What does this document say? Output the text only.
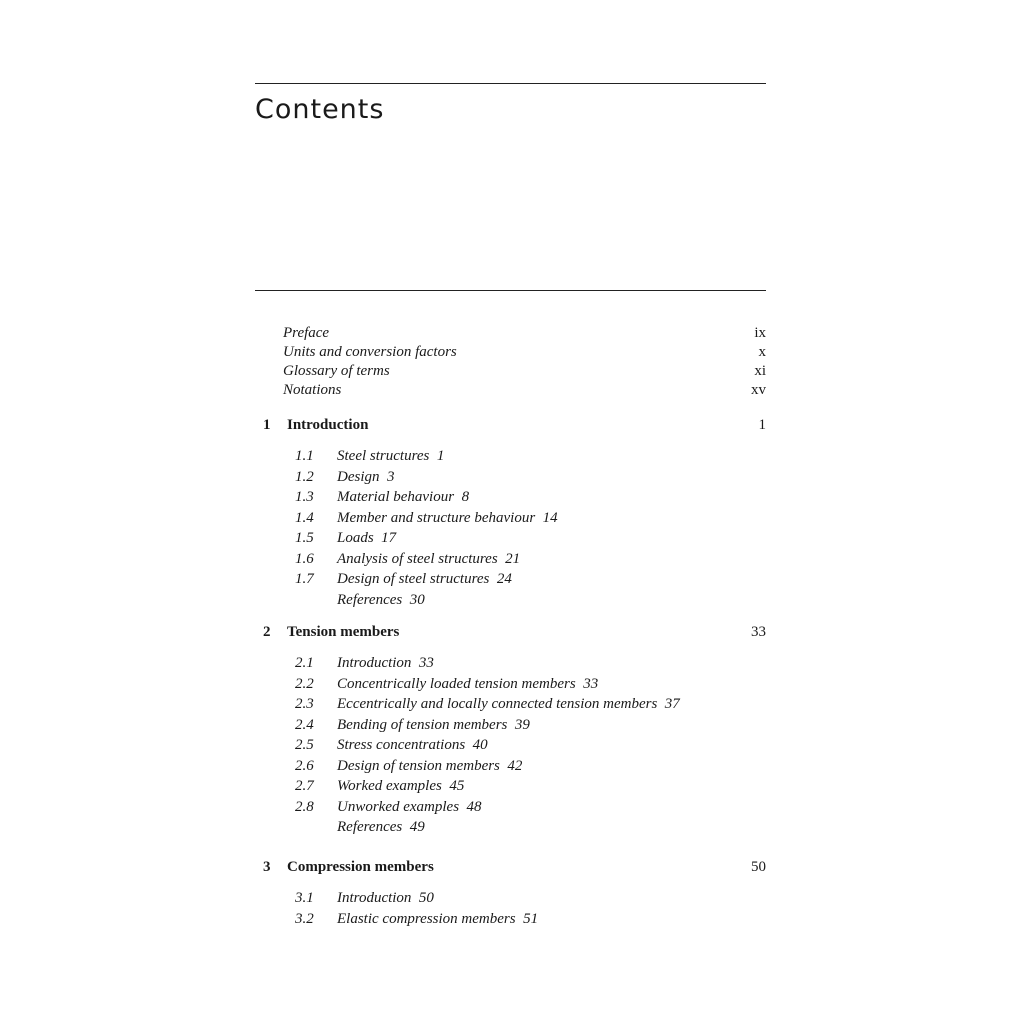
Contents
Preface	ix
Units and conversion factors	x
Glossary of terms	xi
Notations	xv
1 Introduction	1
1.1 Steel structures  1
1.2 Design  3
1.3 Material behaviour  8
1.4 Member and structure behaviour  14
1.5 Loads  17
1.6 Analysis of steel structures  21
1.7 Design of steel structures  24
References  30
2 Tension members	33
2.1 Introduction  33
2.2 Concentrically loaded tension members  33
2.3 Eccentrically and locally connected tension members  37
2.4 Bending of tension members  39
2.5 Stress concentrations  40
2.6 Design of tension members  42
2.7 Worked examples  45
2.8 Unworked examples  48
References  49
3 Compression members	50
3.1 Introduction  50
3.2 Elastic compression members  51
